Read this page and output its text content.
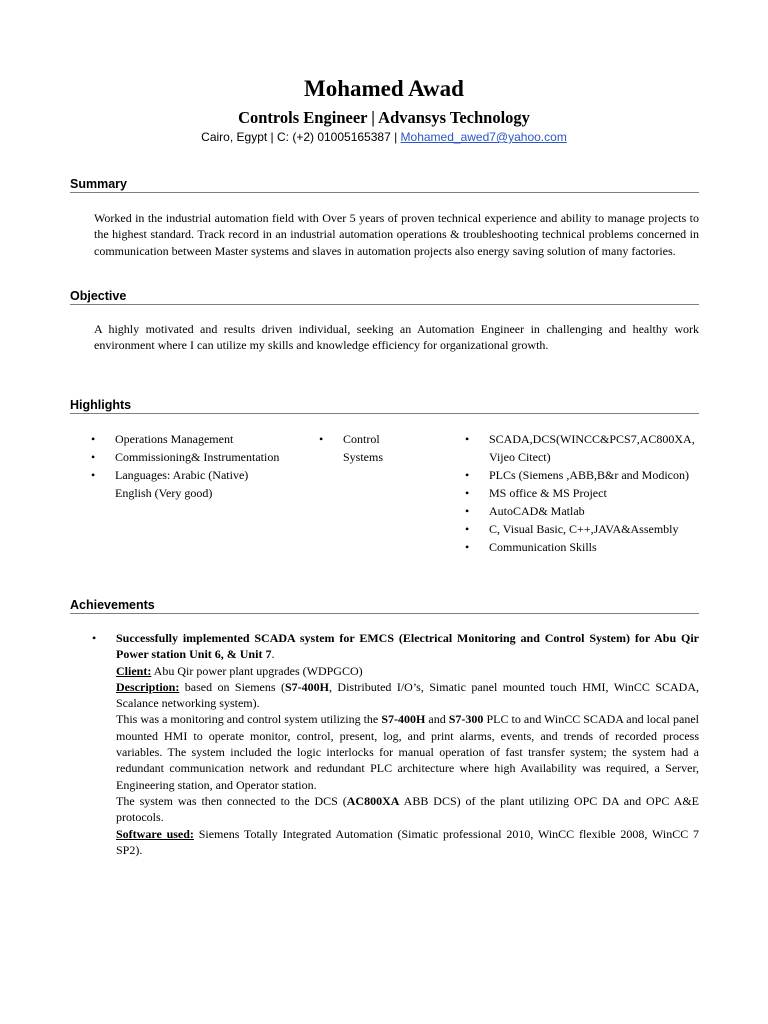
Mohamed Awad
Controls Engineer | Advansys Technology
Cairo, Egypt | C: (+2) 01005165387 | Mohamed_awed7@yahoo.com
Summary
Worked in the industrial automation field with Over 5 years of proven technical experience and ability to manage projects to the highest standard. Track record in an industrial automation operations & troubleshooting technical problems concerned in communication between Master systems and slaves in automation projects also energy saving solution of many factories.
Objective
A highly motivated and results driven individual, seeking an Automation Engineer in challenging and healthy work environment where I can utilize my skills and knowledge efficiency for organizational growth.
Highlights
• Operations Management
• Commissioning& Instrumentation
• Languages: Arabic (Native)
English (Very good)
• Control Systems
• SCADA,DCS(WINCC&PCS7,AC800XA, Vijeo Citect)
• PLCs (Siemens ,ABB,B&r and Modicon)
• MS office & MS Project
• AutoCAD& Matlab
• C, Visual Basic, C++,JAVA&Assembly
• Communication Skills
Achievements
• Successfully implemented SCADA system for EMCS (Electrical Monitoring and Control System) for Abu Qir Power station Unit 6, & Unit 7.
Client: Abu Qir power plant upgrades (WDPGCO)
Description: based on Siemens (S7-400H, Distributed I/O’s, Simatic panel mounted touch HMI, WinCC SCADA, Scalance networking system).
This was a monitoring and control system utilizing the S7-400H and S7-300 PLC to and WinCC SCADA and local panel mounted HMI to operate monitor, control, present, log, and print alarms, events, and trends of recorded process variables. The system included the logic interlocks for manual operation of fast transfer system; the system had a redundant communication network and redundant PLC architecture where high Availability was required, a Server, Engineering station, and Operator station.
The system was then connected to the DCS (AC800XA ABB DCS) of the plant utilizing OPC DA and OPC A&E protocols.
Software used: Siemens Totally Integrated Automation (Simatic professional 2010, WinCC flexible 2008, WinCC 7 SP2).
